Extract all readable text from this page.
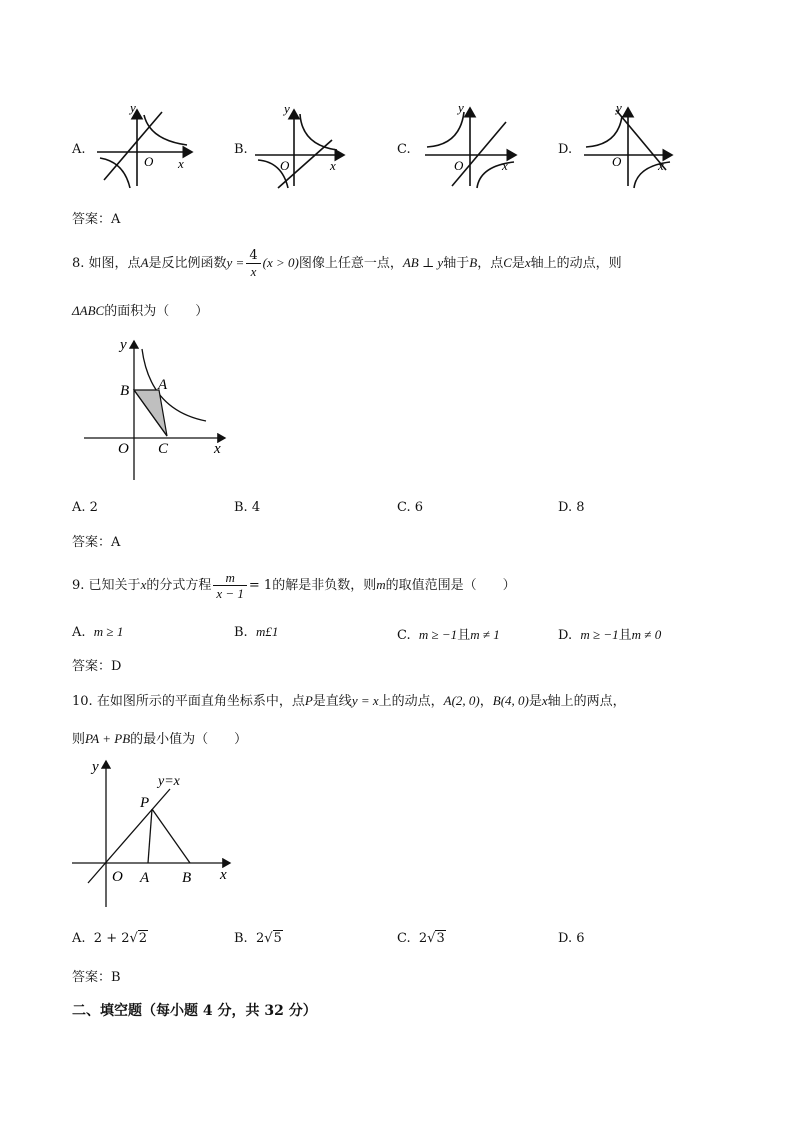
A.
y
O x
B.
y
O	x
C.
y
O	x
D.
y
O	x
答案：A
8. 如图，点A是反比例函数$y = \frac{4}{x} (x > 0)$图像上任意一点，AB ⊥ y轴于B，点C是x轴上的动点，则
ΔABC的面积为（　　）
y
B A
O C	x
A. 2	B. 4	C. 6	D. 8
答案：A
9. 已知关于x的分式方程 $\frac{m}{x - 1} = 1$的解是非负数，则m的取值范围是（　　）
A. m ≥ 1	B. m£1	C. m ≥ −1且m ≠ 1	D. m ≥ −1且m ≠ 0
答案：D
10. 在如图所示的平面直角坐标系中，点P是直线y = x上的动点，A(2, 0)，B(4, 0)是x轴上的两点，
则PA + PB的最小值为（　　）
y
y=x
P
O A B x
A. 2 + 2√2	B. 2√5	C. 2√3	D. 6
答案：B
二、填空题（每小题 4 分，共 32 分）
